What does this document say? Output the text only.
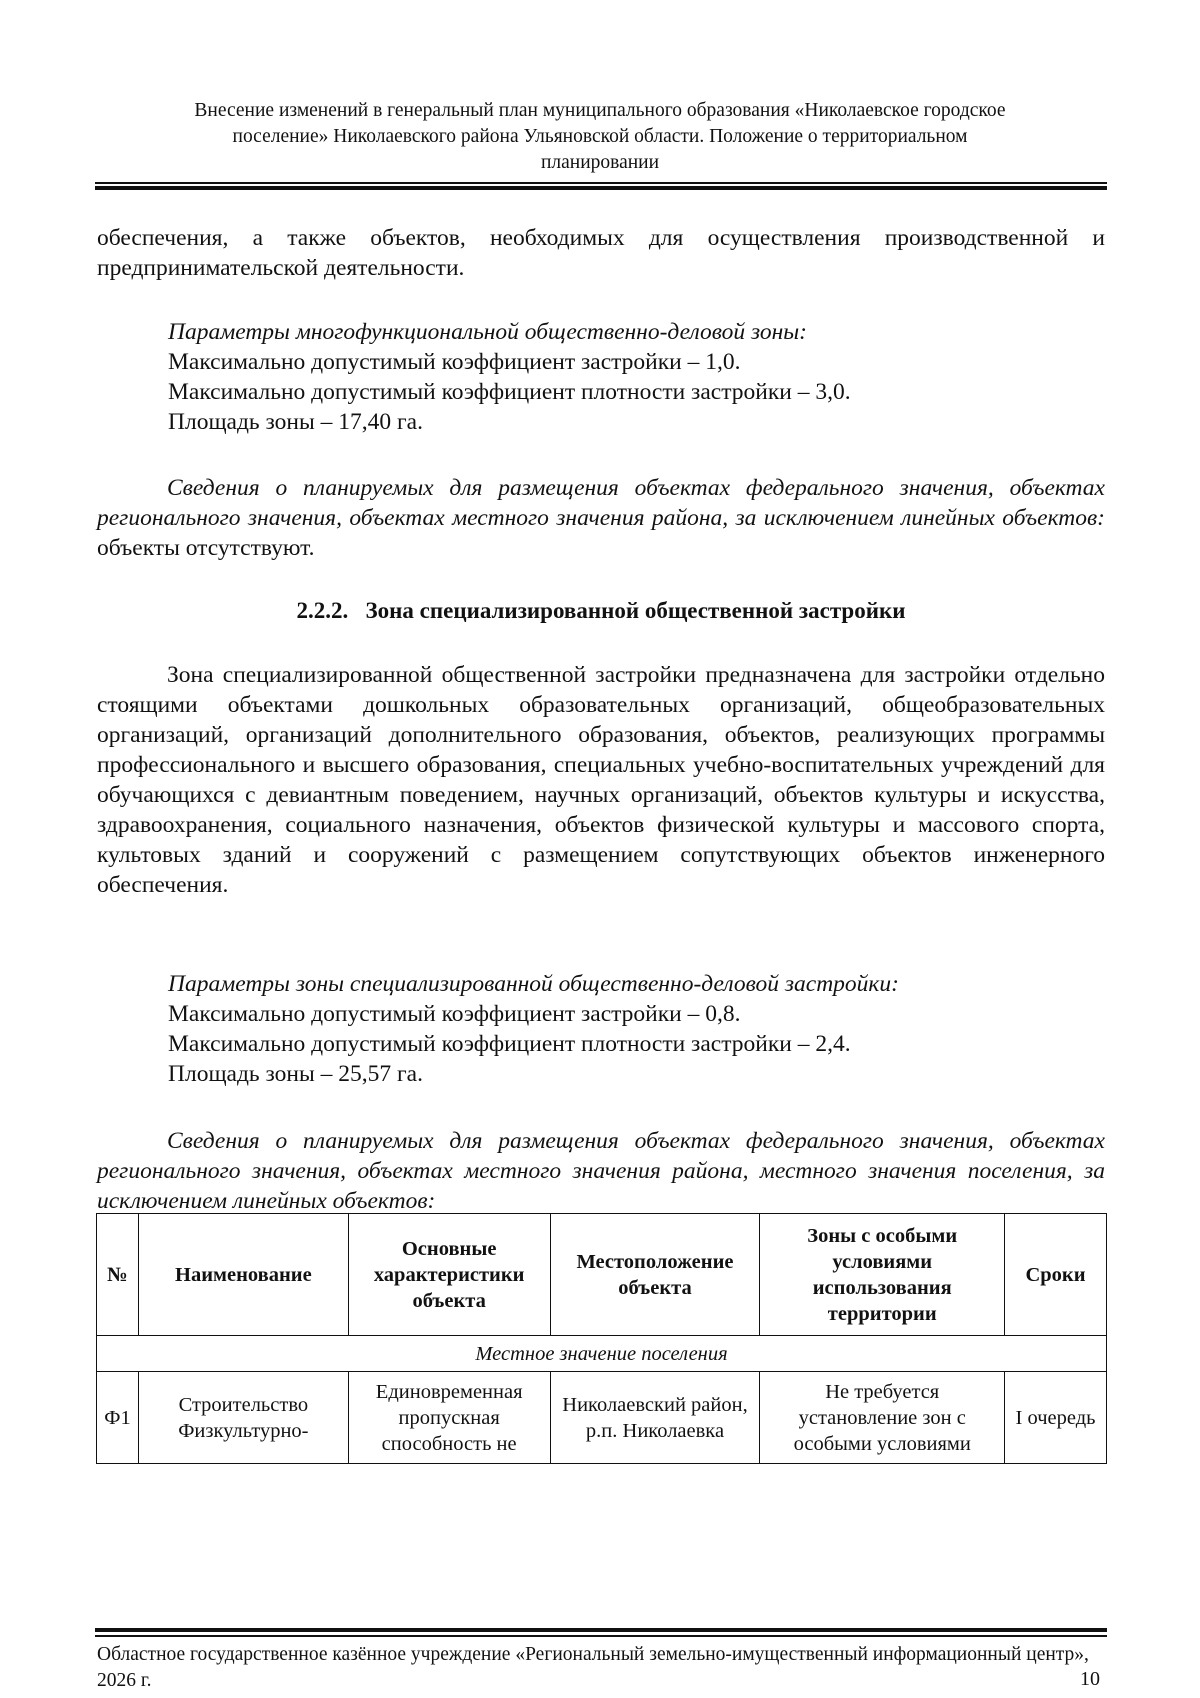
Внесение изменений в генеральный план муниципального образования «Николаевское городское
поселение» Николаевского района Ульяновской области. Положение о территориальном
планировании
обеспечения, а также объектов, необходимых для осуществления производственной и предпринимательской деятельности.
Параметры многофункциональной общественно-деловой зоны:
Максимально допустимый коэффициент застройки – 1,0.
Максимально допустимый коэффициент плотности застройки – 3,0.
Площадь зоны – 17,40 га.
Сведения о планируемых для размещения объектах федерального значения, объектах регионального значения, объектах местного значения района, за исключением линейных объектов: объекты отсутствуют.
2.2.2.   Зона специализированной общественной застройки
Зона специализированной общественной застройки предназначена для застройки отдельно стоящими объектами дошкольных образовательных организаций, общеобразовательных организаций, организаций дополнительного образования, объектов, реализующих программы профессионального и высшего образования, специальных учебно-воспитательных учреждений для обучающихся с девиантным поведением, научных организаций, объектов культуры и искусства, здравоохранения, социального назначения, объектов физической культуры и массового спорта, культовых зданий и сооружений с размещением сопутствующих объектов инженерного обеспечения.
Параметры зоны специализированной общественно-деловой застройки:
Максимально допустимый коэффициент застройки – 0,8.
Максимально допустимый коэффициент плотности застройки – 2,4.
Площадь зоны – 25,57 га.
Сведения о планируемых для размещения объектах федерального значения, объектах регионального значения, объектах местного значения района, местного значения поселения, за исключением линейных объектов:
№	Наименование	Основные характеристики объекта	Местоположение объекта	Зоны с особыми условиями использования территории	Сроки
Местное значение поселения					
Ф1	Строительство Физкультурно-	Единовременная пропускная способность не	Николаевский район, р.п. Николаевка	Не требуется установление зон с особыми условиями	I очередь
Областное государственное казённое учреждение «Региональный земельно-имущественный информационный центр», 2026 г.	10
